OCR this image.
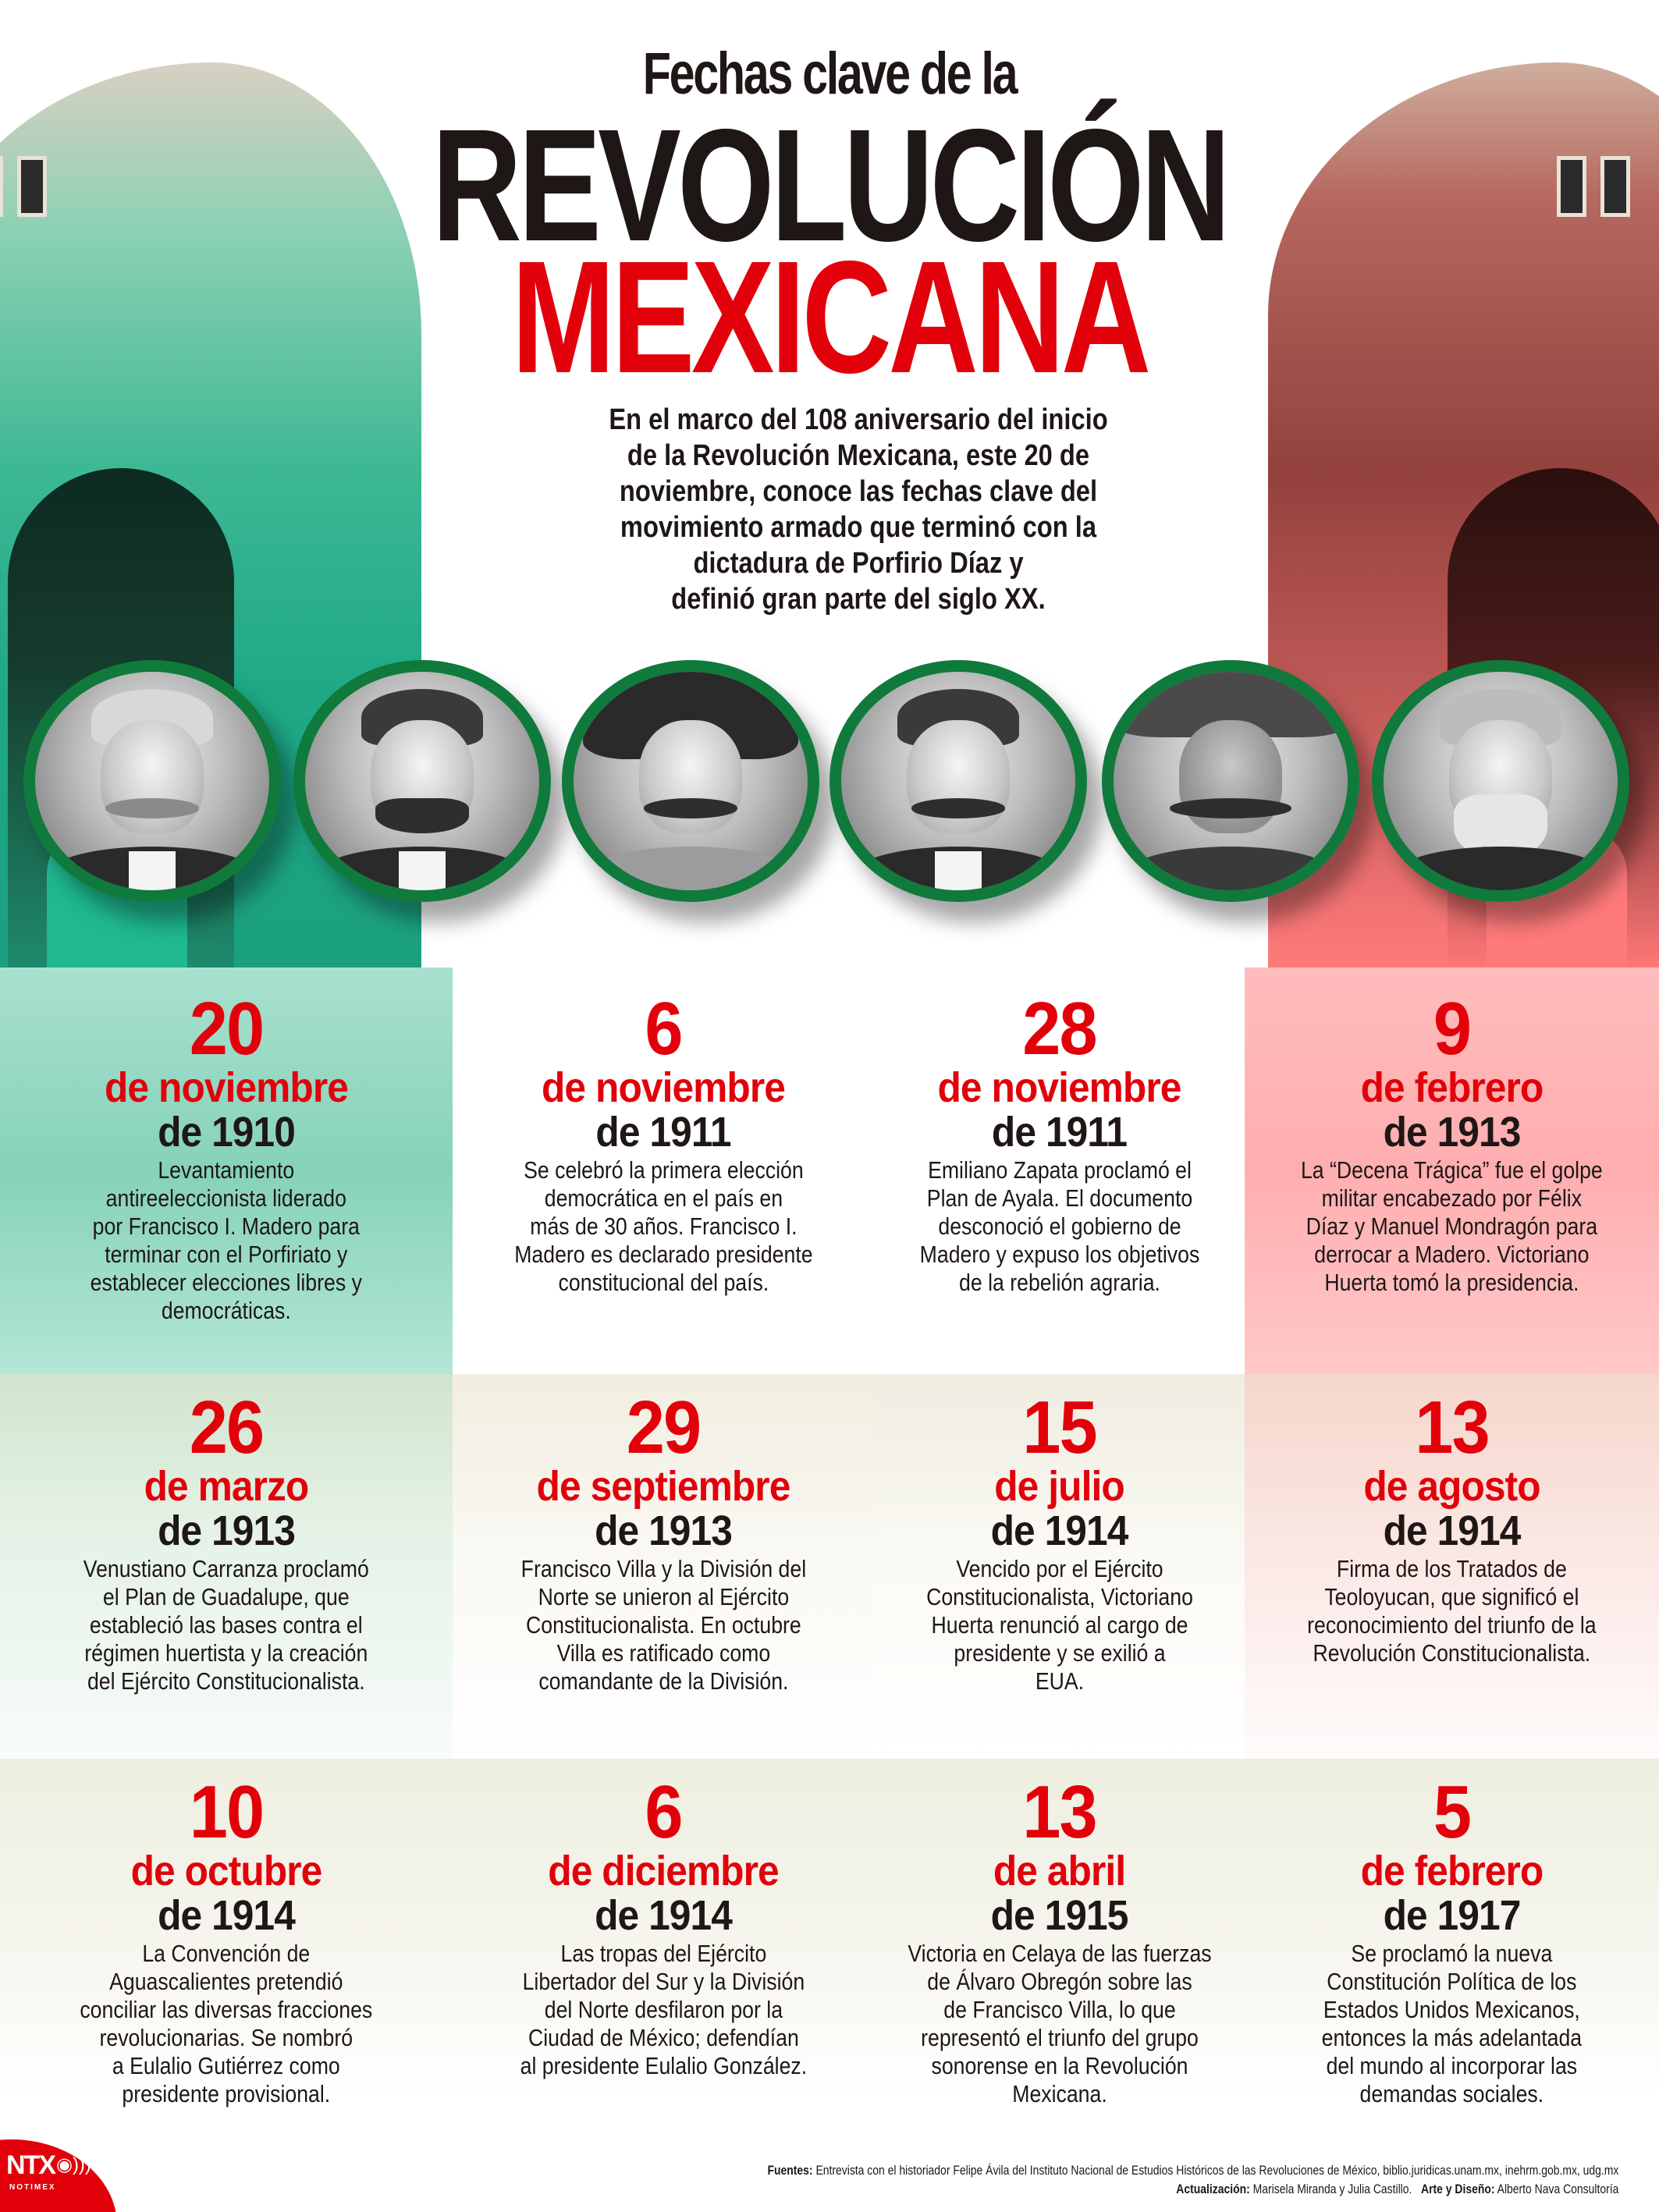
Fechas clave de la
REVOLUCIÓN
MEXICANA
En el marco del 108 aniversario del inicio
de la Revolución Mexicana, este 20 de
noviembre, conoce las fechas clave del
movimiento armado que terminó con la
dictadura de Porfirio Díaz y
definió gran parte del siglo XX.
20
de noviembre
de 1910
Levantamiento
antireeleccionista liderado
por Francisco I. Madero para
terminar con el Porfiriato y
establecer elecciones libres y
democráticas.
6
de noviembre
de 1911
Se celebró la primera elección
democrática en el país en
más de 30 años. Francisco I.
Madero es declarado presidente
constitucional del país.
28
de noviembre
de 1911
Emiliano Zapata proclamó el
Plan de Ayala. El documento
desconoció el gobierno de
Madero y expuso los objetivos
de la rebelión agraria.
9
de febrero
de 1913
La “Decena Trágica” fue el golpe
militar encabezado por Félix
Díaz y Manuel Mondragón para
derrocar a Madero. Victoriano
Huerta tomó la presidencia.
26
de marzo
de 1913
Venustiano Carranza proclamó
el Plan de Guadalupe, que
estableció las bases contra el
régimen huertista y la creación
del Ejército Constitucionalista.
29
de septiembre
de 1913
Francisco Villa y la División del
Norte se unieron al Ejército
Constitucionalista. En octubre
Villa es ratificado como
comandante de la División.
15
de julio
de 1914
Vencido por el Ejército
Constitucionalista, Victoriano
Huerta renunció al cargo de
presidente y se exilió a
EUA.
13
de agosto
de 1914
Firma de los Tratados de
Teoloyucan, que significó el
reconocimiento del triunfo de la
Revolución Constitucionalista.
10
de octubre
de 1914
La Convención de
Aguascalientes pretendió
conciliar las diversas fracciones
revolucionarias. Se nombró
a Eulalio Gutiérrez como
presidente provisional.
6
de diciembre
de 1914
Las tropas del Ejército
Libertador del Sur y la División
del Norte desfilaron por la
Ciudad de México; defendían
al presidente Eulalio González.
13
de abril
de 1915
Victoria en Celaya de las fuerzas
de Álvaro Obregón sobre las
de Francisco Villa, lo que
representó el triunfo del grupo
sonorense en la Revolución
Mexicana.
5
de febrero
de 1917
Se proclamó la nueva
Constitución Política de los
Estados Unidos Mexicanos,
entonces la más adelantada
del mundo al incorporar las
demandas sociales.
NTX ◉)))
NOTIMEX
Fuentes: Entrevista con el historiador Felipe Ávila del Instituto Nacional de Estudios Históricos de las Revoluciones de México, biblio.juridicas.unam.mx, inehrm.gob.mx, udg.mx
Actualización: Marisela Miranda y Julia Castillo. Arte y Diseño: Alberto Nava Consultoría
